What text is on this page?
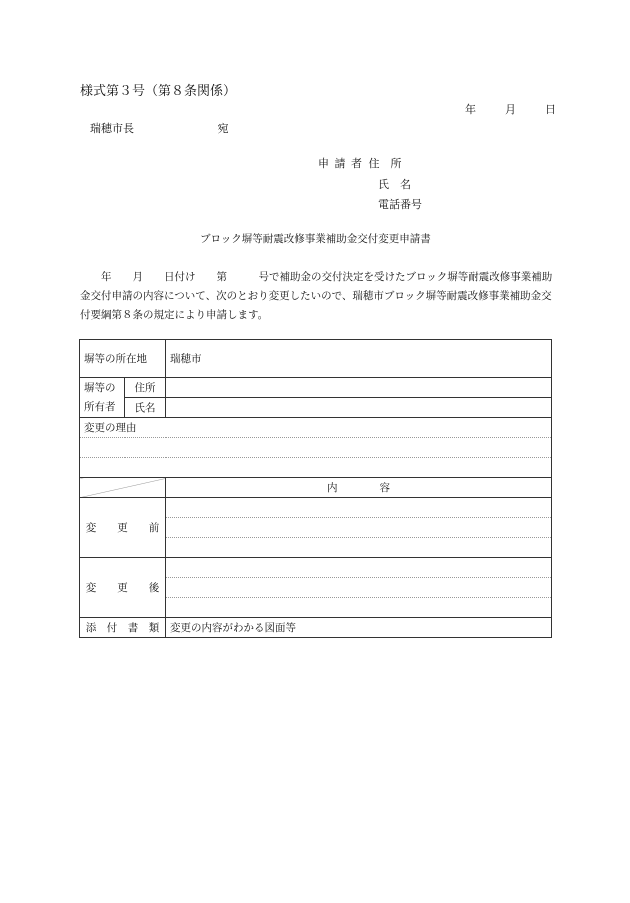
様式第３号（第８条関係）
年	月	日
瑞穂市長	宛
申 請 者 住　所
氏　名
電話番号
ブロック塀等耐震改修事業補助金交付変更申請書
　　年　　月　　日付け　　第　　　号で補助金の交付決定を受けたブロック塀等耐震改修事業補助金交付申請の内容について、次のとおり変更したいので、瑞穂市ブロック塀等耐震改修事業補助金交付要綱第８条の規定により申請します。
塀等の所在地		瑞穂市

塀等の
所有者	住所	
	氏名	
変更の理由		

		内　　　　容
変　　更　　前		

変　　更　　後		

添　付　書　類		変更の内容がわかる図面等
